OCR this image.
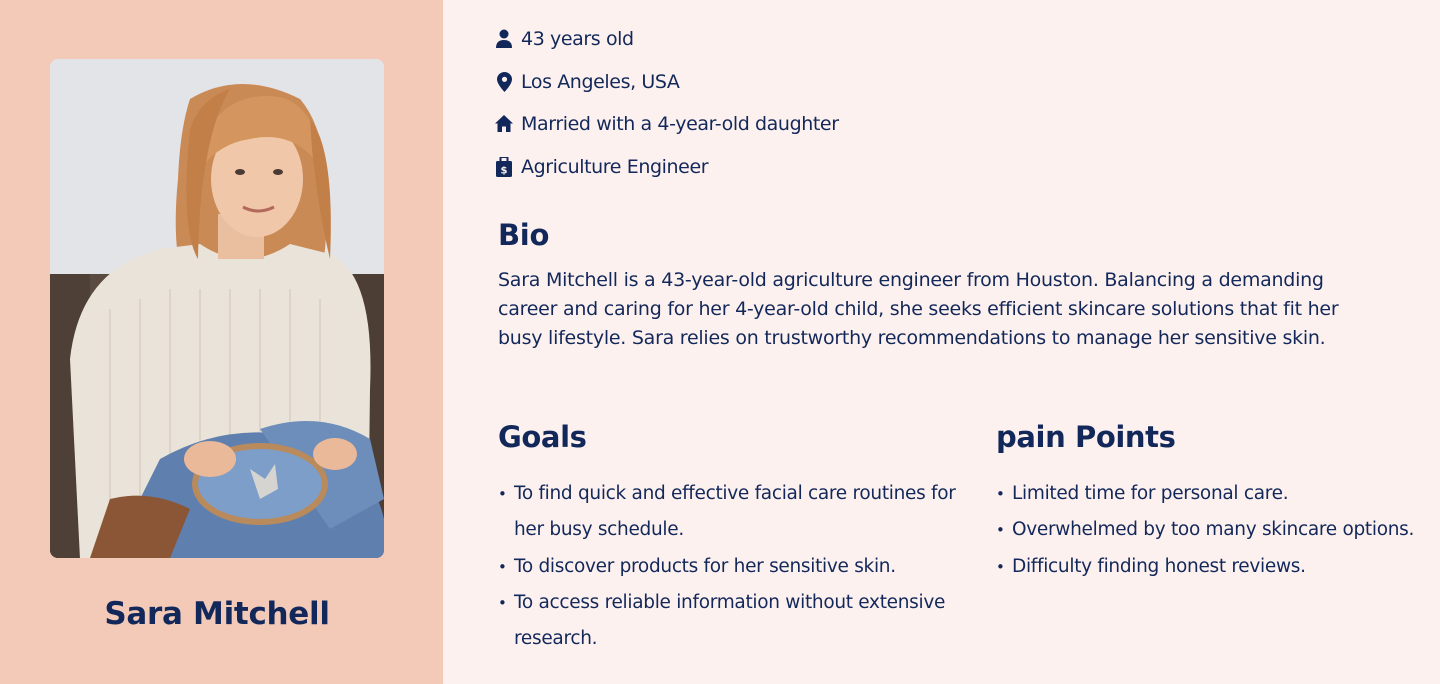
Sara Mitchell
43 years old
Los Angeles, USA
Married with a 4-year-old daughter
$ Agriculture Engineer
Bio

Sara Mitchell is a 43-year-old agriculture engineer from Houston. Balancing a demanding career and caring for her 4-year-old child, she seeks efficient skincare solutions that fit her busy lifestyle. Sara relies on trustworthy recommendations to manage her sensitive skin.

Goals
• To find quick and effective facial care routines for her busy schedule.
• To discover products for her sensitive skin.
• To access reliable information without extensive research.
pain Points
• Limited time for personal care.
• Overwhelmed by too many skincare options.
• Difficulty finding honest reviews.
